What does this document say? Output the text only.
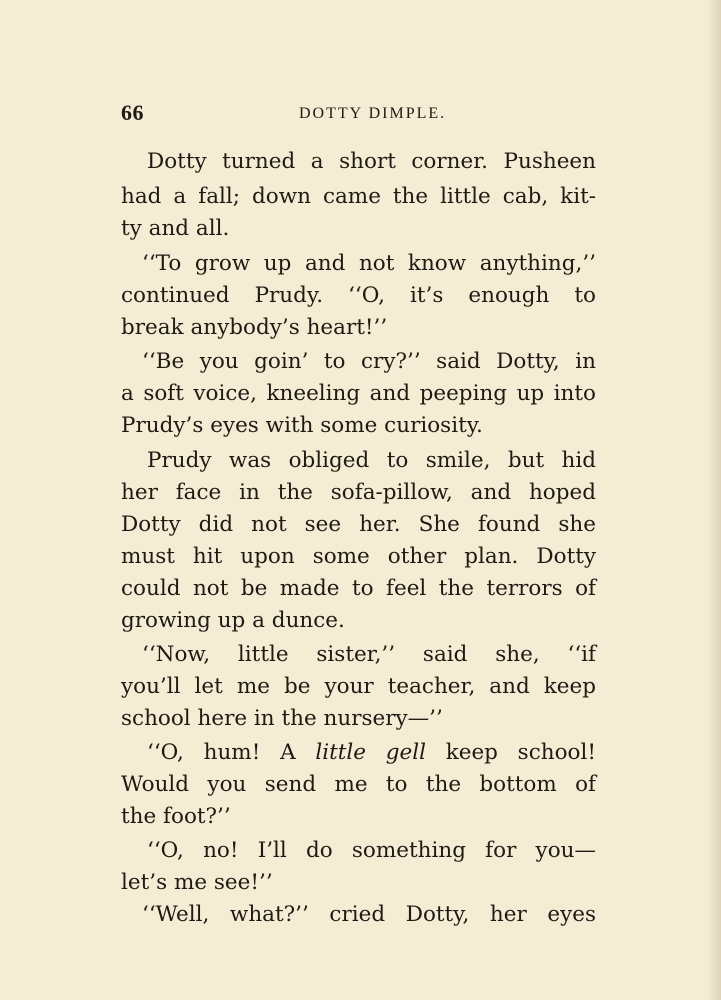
66	DOTTY DIMPLE.
Dotty turned a short corner. Pusheen
had a fall; down came the little cab, kit-
ty and all.
‘‘To grow up and not know anything,’’
continued Prudy. ‘‘O, it’s enough to
break anybody’s heart!’’
‘‘Be you goin’ to cry?’’ said Dotty, in
a soft voice, kneeling and peeping up into
Prudy’s eyes with some curiosity.
Prudy was obliged to smile, but hid
her face in the sofa-pillow, and hoped
Dotty did not see her. She found she
must hit upon some other plan. Dotty
could not be made to feel the terrors of
growing up a dunce.
‘‘Now, little sister,’’ said she, ‘‘if
you’ll let me be your teacher, and keep
school here in the nursery—’’
‘‘O, hum! A little gell keep school!
Would you send me to the bottom of
the foot?’’
‘‘O, no! I’ll do something for you—
let’s me see!’’
‘‘Well, what?’’ cried Dotty, her eyes
